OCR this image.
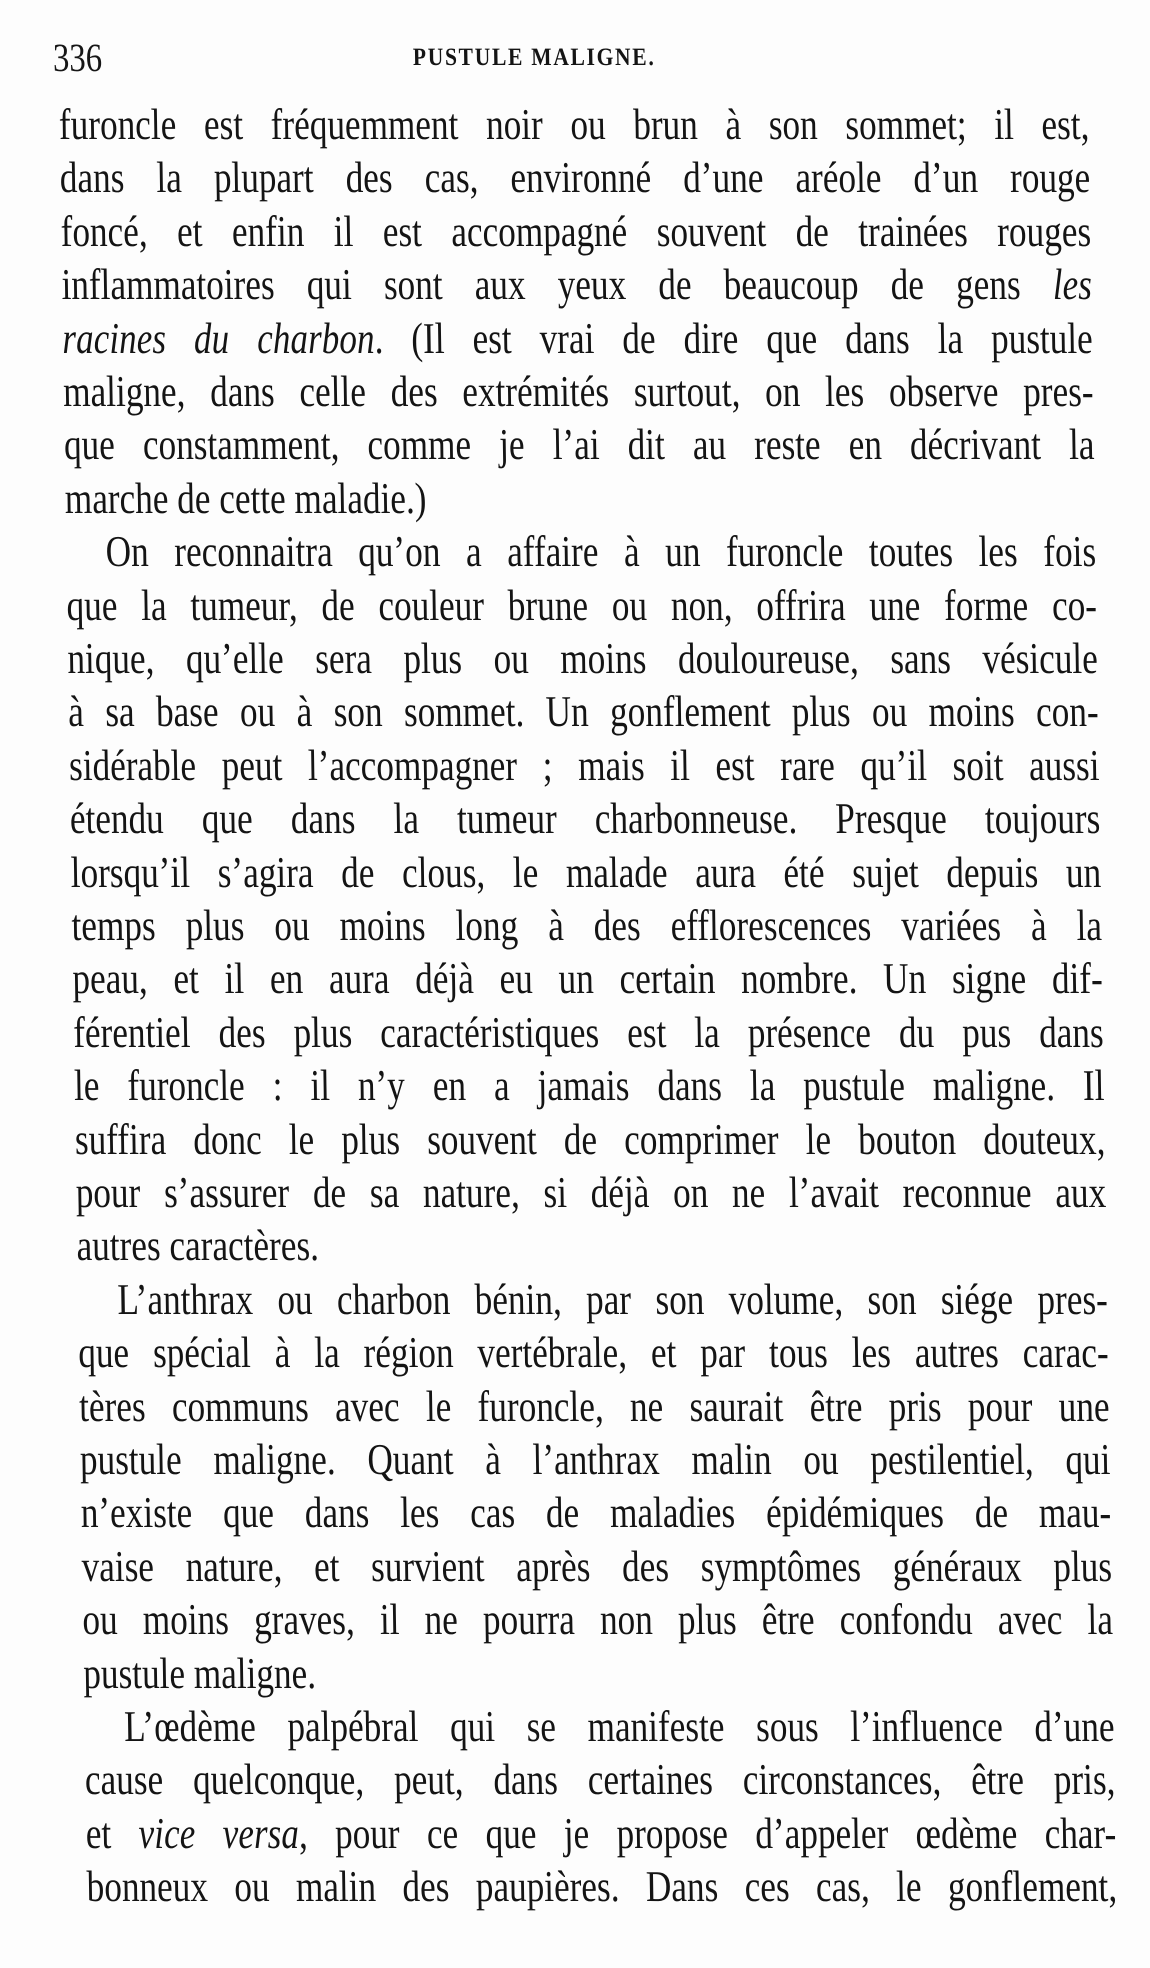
336	PUSTULE MALIGNE.
furoncle est fréquemment noir ou brun à son sommet; il est,
dans la plupart des cas, environné d’une aréole d’un rouge
foncé, et enfin il est accompagné souvent de trainées rouges
inflammatoires qui sont aux yeux de beaucoup de gens les
racines du charbon. (Il est vrai de dire que dans la pustule
maligne, dans celle des extrémités surtout, on les observe pres-
que constamment, comme je l’ai dit au reste en décrivant la
marche de cette maladie.)
On reconnaitra qu’on a affaire à un furoncle toutes les fois
que la tumeur, de couleur brune ou non, offrira une forme co-
nique, qu’elle sera plus ou moins douloureuse, sans vésicule
à sa base ou à son sommet. Un gonflement plus ou moins con-
sidérable peut l’accompagner ; mais il est rare qu’il soit aussi
étendu que dans la tumeur charbonneuse. Presque toujours
lorsqu’il s’agira de clous, le malade aura été sujet depuis un
temps plus ou moins long à des efflorescences variées à la
peau, et il en aura déjà eu un certain nombre. Un signe dif-
férentiel des plus caractéristiques est la présence du pus dans
le furoncle : il n’y en a jamais dans la pustule maligne. Il
suffira donc le plus souvent de comprimer le bouton douteux,
pour s’assurer de sa nature, si déjà on ne l’avait reconnue aux
autres caractères.
L’anthrax ou charbon bénin, par son volume, son siége pres-
que spécial à la région vertébrale, et par tous les autres carac-
tères communs avec le furoncle, ne saurait être pris pour une
pustule maligne. Quant à l’anthrax malin ou pestilentiel, qui
n’existe que dans les cas de maladies épidémiques de mau-
vaise nature, et survient après des symptômes généraux plus
ou moins graves, il ne pourra non plus être confondu avec la
pustule maligne.
L’œdème palpébral qui se manifeste sous l’influence d’une
cause quelconque, peut, dans certaines circonstances, être pris,
et vice versa, pour ce que je propose d’appeler œdème char-
bonneux ou malin des paupières. Dans ces cas, le gonflement,
